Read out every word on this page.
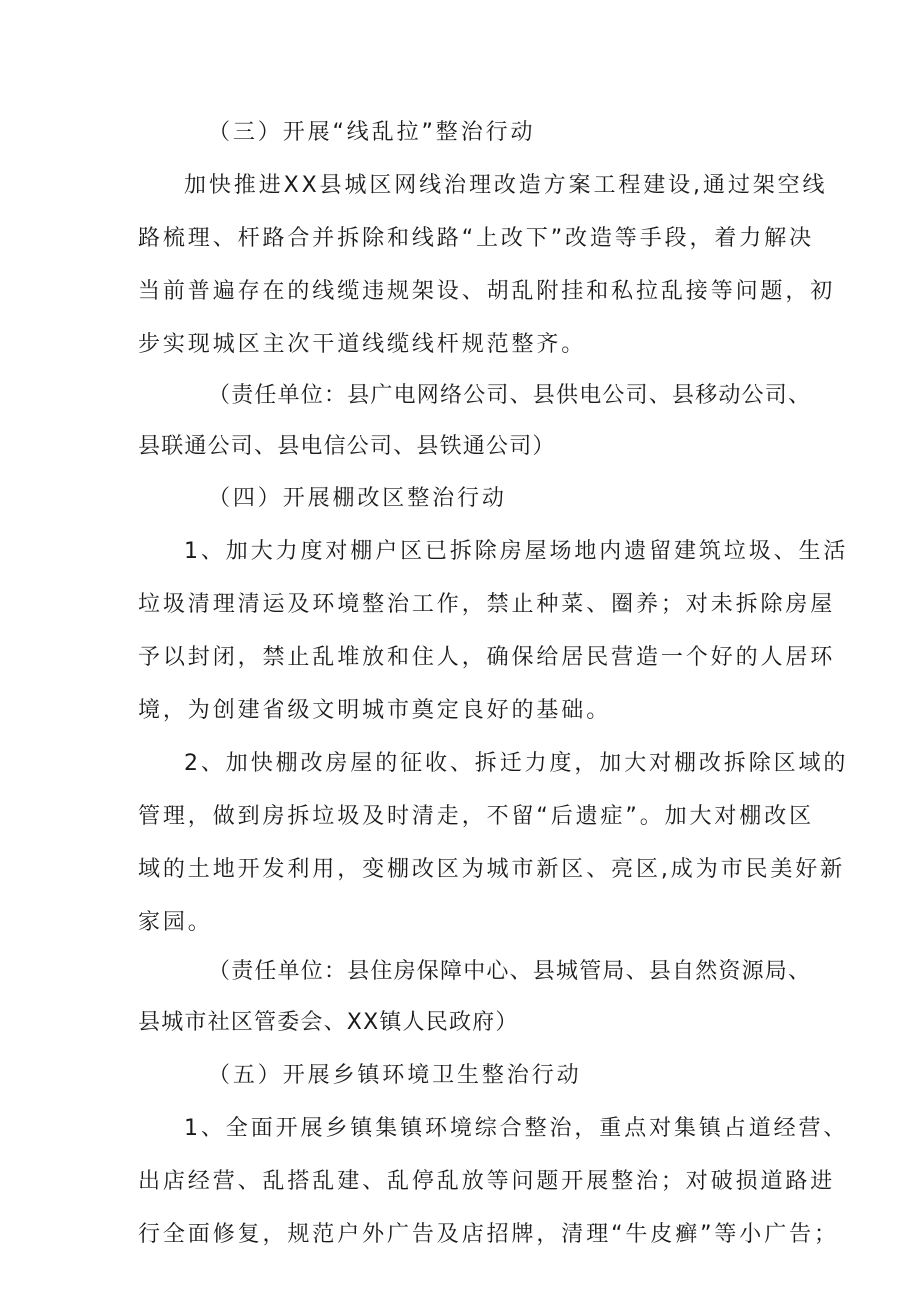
（三）开展“线乱拉”整治行动
加快推进XX县城区网线治理改造方案工程建设,通过架空线
路梳理、杆路合并拆除和线路“上改下”改造等手段，着力解决
当前普遍存在的线缆违规架设、胡乱附挂和私拉乱接等问题，初
步实现城区主次干道线缆线杆规范整齐。
（责任单位：县广电网络公司、县供电公司、县移动公司、
县联通公司、县电信公司、县铁通公司）
（四）开展棚改区整治行动
1、加大力度对棚户区已拆除房屋场地内遗留建筑垃圾、生活
垃圾清理清运及环境整治工作，禁止种菜、圈养；对未拆除房屋
予以封闭，禁止乱堆放和住人，确保给居民营造一个好的人居环
境，为创建省级文明城市奠定良好的基础。
2、加快棚改房屋的征收、拆迁力度，加大对棚改拆除区域的
管理，做到房拆垃圾及时清走，不留“后遗症”。加大对棚改区
域的土地开发利用，变棚改区为城市新区、亮区,成为市民美好新
家园。
（责任单位：县住房保障中心、县城管局、县自然资源局、
县城市社区管委会、XX镇人民政府）
（五）开展乡镇环境卫生整治行动
1、全面开展乡镇集镇环境综合整治，重点对集镇占道经营、
出店经营、乱搭乱建、乱停乱放等问题开展整治；对破损道路进
行全面修复，规范户外广告及店招牌，清理“牛皮癣”等小广告；
